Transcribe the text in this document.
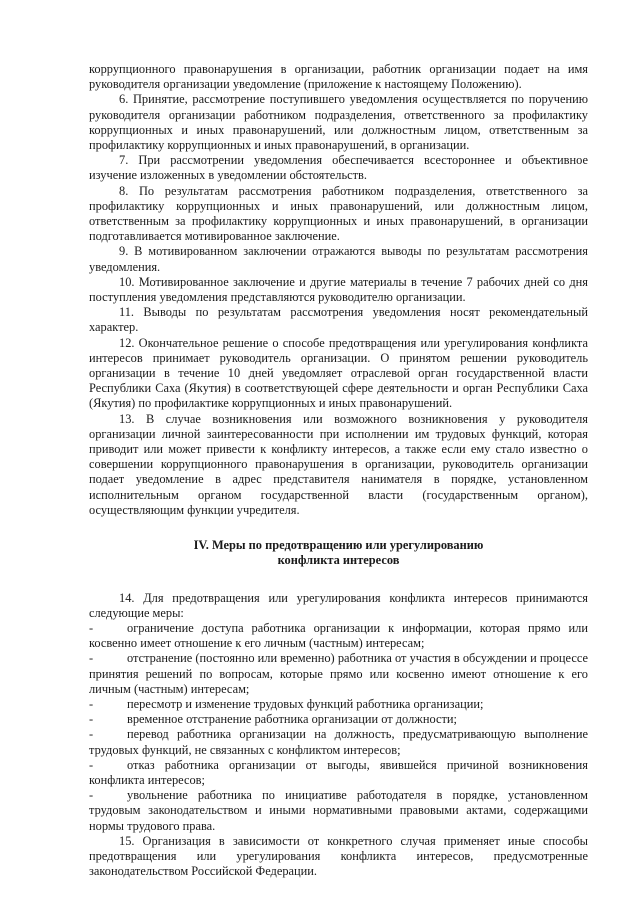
коррупционного правонарушения в организации, работник организации подает на имя руководителя организации уведомление (приложение к настоящему Положению).

6. Принятие, рассмотрение поступившего уведомления осуществляется по поручению руководителя организации работником подразделения, ответственного за профилактику коррупционных и иных правонарушений, или должностным лицом, ответственным за профилактику коррупционных и иных правонарушений, в организации.

7. При рассмотрении уведомления обеспечивается всестороннее и объективное изучение изложенных в уведомлении обстоятельств.

8. По результатам рассмотрения работником подразделения, ответственного за профилактику коррупционных и иных правонарушений, или должностным лицом, ответственным за профилактику коррупционных и иных правонарушений, в организации подготавливается мотивированное заключение.

9. В мотивированном заключении отражаются выводы по результатам рассмотрения уведомления.

10. Мотивированное заключение и другие материалы в течение 7 рабочих дней со дня поступления уведомления представляются руководителю организации.

11. Выводы по результатам рассмотрения уведомления носят рекомендательный характер.

12. Окончательное решение о способе предотвращения или урегулирования конфликта интересов принимает руководитель организации. О принятом решении руководитель организации в течение 10 дней уведомляет отраслевой орган государственной власти Республики Саха (Якутия) в соответствующей сфере деятельности и орган Республики Саха (Якутия) по профилактике коррупционных и иных правонарушений.

13. В случае возникновения или возможного возникновения у руководителя организации личной заинтересованности при исполнении им трудовых функций, которая приводит или может привести к конфликту интересов, а также если ему стало известно о совершении коррупционного правонарушения в организации, руководитель организации подает уведомление в адрес представителя нанимателя в порядке, установленном исполнительным органом государственной власти (государственным органом), осуществляющим функции учредителя.

IV. Меры по предотвращению или урегулированию
конфликта интересов

14. Для предотвращения или урегулирования конфликта интересов принимаются следующие меры:

-	ограничение доступа работника организации к информации, которая прямо или косвенно имеет отношение к его личным (частным) интересам;

-	отстранение (постоянно или временно) работника от участия в обсуждении и процессе принятия решений по вопросам, которые прямо или косвенно имеют отношение к его личным (частным) интересам;

-	пересмотр и изменение трудовых функций работника организации;

-	временное отстранение работника организации от должности;

-	перевод работника организации на должность, предусматривающую выполнение трудовых функций, не связанных с конфликтом интересов;

-	отказ работника организации от выгоды, явившейся причиной возникновения конфликта интересов;

-	увольнение работника по инициативе работодателя в порядке, установленном трудовым законодательством и иными нормативными правовыми актами, содержащими нормы трудового права.

15. Организация в зависимости от конкретного случая применяет иные способы предотвращения или урегулирования конфликта интересов, предусмотренные законодательством Российской Федерации.
